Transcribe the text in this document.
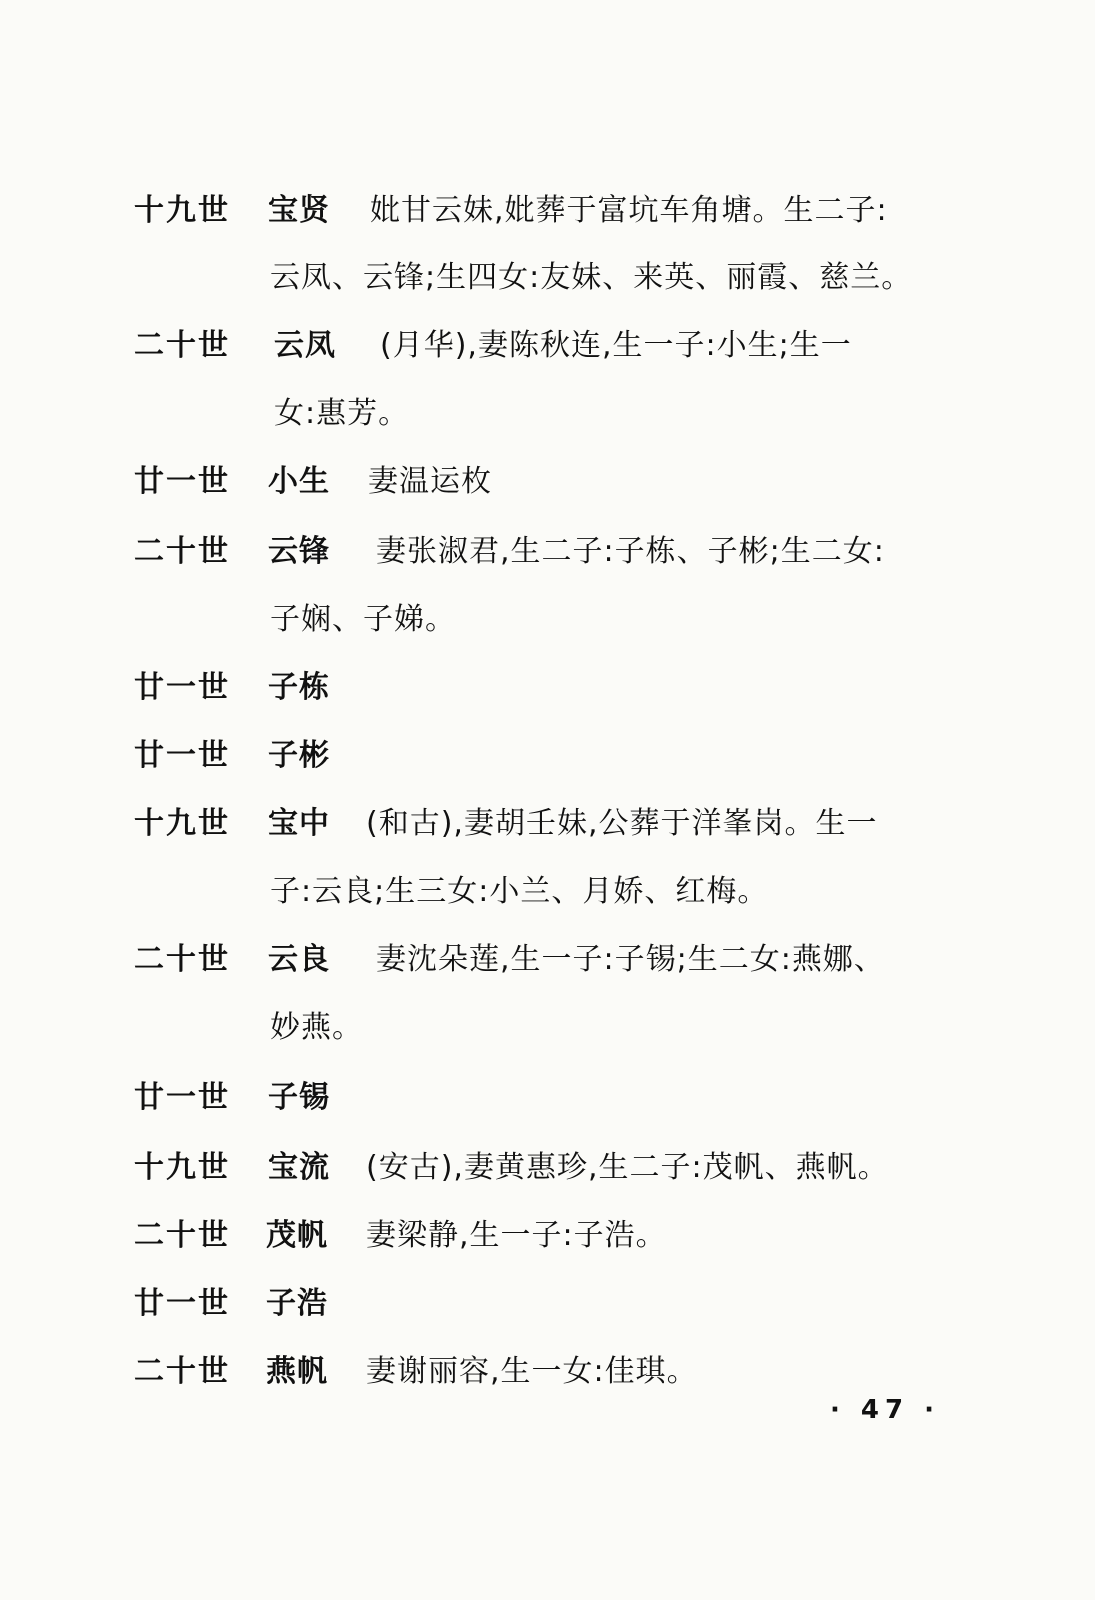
十九世 宝贤 妣甘云妹,妣葬于富坑车角塘。生二子:
云凤、云锋;生四女:友妹、来英、丽霞、慈兰。
二十世 云凤 (月华),妻陈秋连,生一子:小生;生一
女:惠芳。
廿一世 小生 妻温运枚
二十世 云锋 妻张淑君,生二子:子栋、子彬;生二女:
子娴、子娣。
廿一世 子栋
廿一世 子彬
十九世 宝中 (和古),妻胡壬妹,公葬于洋峯岗。生一
子:云良;生三女:小兰、月娇、红梅。
二十世 云良 妻沈朵莲,生一子:子锡;生二女:燕娜、
妙燕。
廿一世 子锡
十九世 宝流 (安古),妻黄惠珍,生二子:茂帆、燕帆。
二十世 茂帆 妻梁静,生一子:子浩。
廿一世 子浩
二十世 燕帆 妻谢丽容,生一女:佳琪。
· 47 ·
